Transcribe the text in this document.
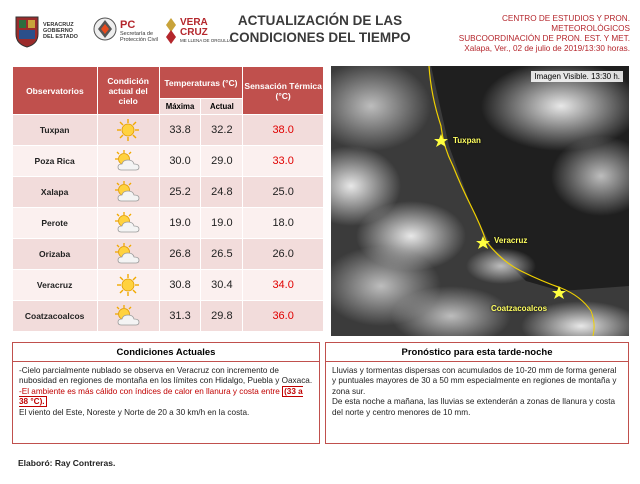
VERACRUZ
GOBIERNO
DEL ESTADO
PC
Secretaría de
Protección Civil
VERA
CRUZ
ME LLENA DE ORGULLO
ACTUALIZACIÓN DE LAS
CONDICIONES DEL TIEMPO
CENTRO DE ESTUDIOS Y PRON.
METEOROLÓGICOS
SUBCOORDINACIÓN DE PRON. EST. Y MET.
Xalapa, Ver., 02 de julio de 2019/13:30 horas.
Observatorios	Condición actual del cielo	Temperaturas (°C)		Sensación Térmica (°C)
		Máxima	Actual	
Tuxpan		33.8	32.2	38.0
Poza Rica		30.0	29.0	33.0
Xalapa		25.2	24.8	25.0
Perote		19.0	19.0	18.0
Orizaba		26.8	26.5	26.0
Veracruz		30.8	30.4	34.0
Coatzacoalcos		31.3	29.8	36.0
Imagen Visible. 13:30 h.
Tuxpan
Veracruz
Coatzacoalcos
Condiciones Actuales

-Cielo parcialmente nublado se observa en Veracruz con incremento de nubosidad en regiones de montaña en los límites con Hidalgo, Puebla y Oaxaca.

-El ambiente es más cálido con índices de calor en llanura y costa entre (33 a 38 °C).

El viento del Este, Noreste y Norte de 20 a 30 km/h en la costa.

Pronóstico para esta tarde-noche

Lluvias y tormentas dispersas con acumulados de 10-20 mm de forma general y puntuales mayores de 30 a 50 mm especialmente en regiones de montaña y zona sur.

De esta noche a mañana, las lluvias se extenderán a zonas de llanura y costa del norte y centro menores de 10 mm.

Elaboró: Ray Contreras.
